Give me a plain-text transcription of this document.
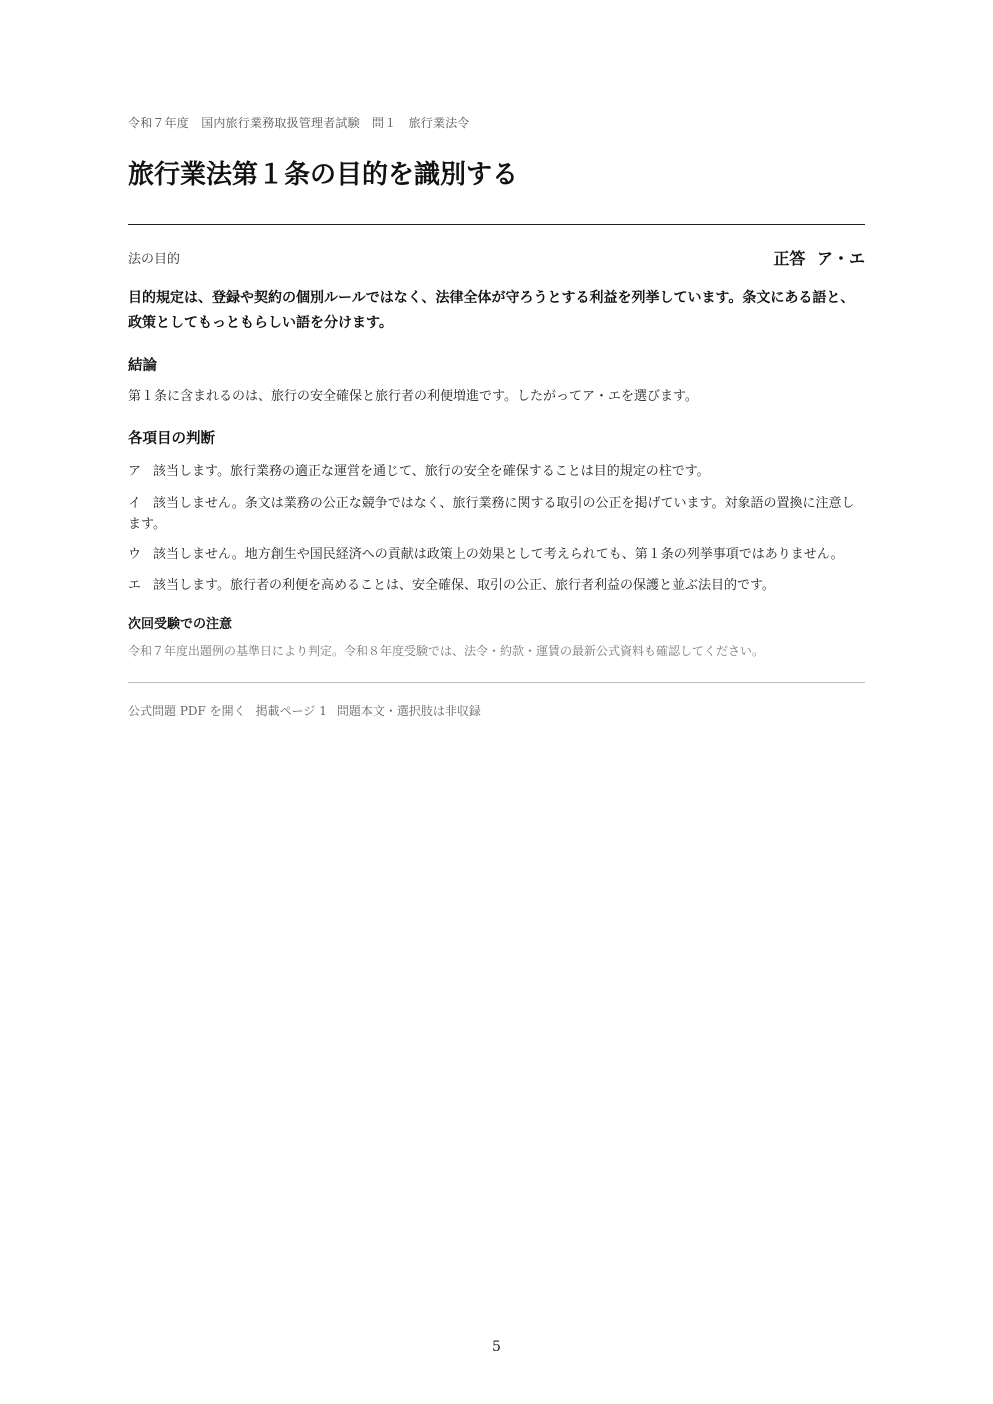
令和７年度　国内旅行業務取扱管理者試験　問１　旅行業法令
旅行業法第１条の目的を識別する
法の目的	正答 ア・エ

目的規定は、登録や契約の個別ルールではなく、法律全体が守ろうとする利益を列挙しています。条文にある語と、政策としてもっともらしい語を分けます。

結論

第１条に含まれるのは、旅行の安全確保と旅行者の利便増進です。したがってア・エを選びます。

各項目の判断

ア 該当します。旅行業務の適正な運営を通じて、旅行の安全を確保することは目的規定の柱です。

イ 該当しません。条文は業務の公正な競争ではなく、旅行業務に関する取引の公正を掲げています。対象語の置換に注意します。

ウ 該当しません。地方創生や国民経済への貢献は政策上の効果として考えられても、第１条の列挙事項ではありません。

エ 該当します。旅行者の利便を高めることは、安全確保、取引の公正、旅行者利益の保護と並ぶ法目的です。

次回受験での注意

令和７年度出題例の基準日により判定。令和８年度受験では、法令・約款・運賃の最新公式資料も確認してください。

公式問題 PDF を開く 掲載ページ 1 問題本文・選択肢は非収録
5
